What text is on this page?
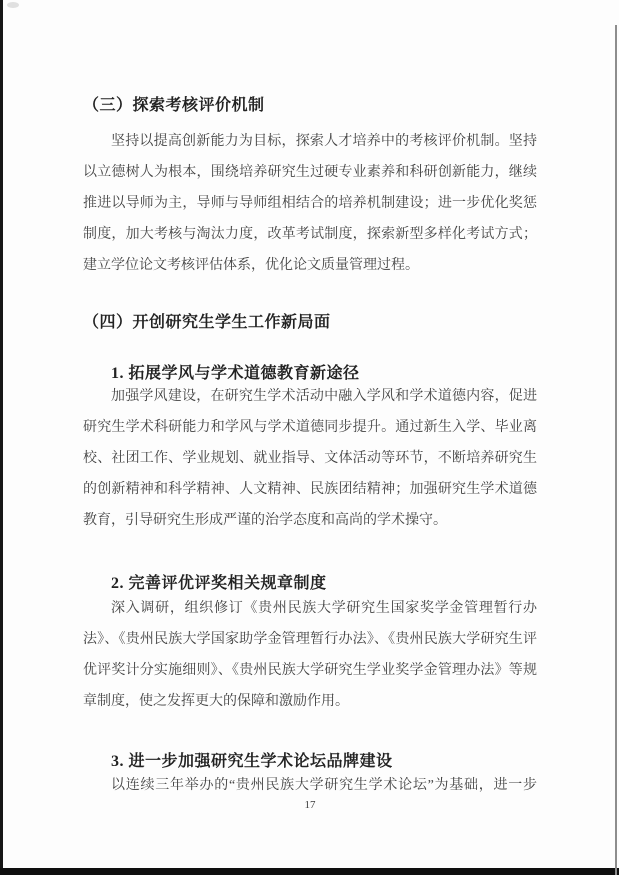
（三）探索考核评价机制
坚持以提高创新能力为目标，探索人才培养中的考核评价机制。坚持以立德树人为根本，围绕培养研究生过硬专业素养和科研创新能力，继续推进以导师为主，导师与导师组相结合的培养机制建设；进一步优化奖惩制度，加大考核与淘汰力度，改革考试制度，探索新型多样化考试方式；建立学位论文考核评估体系，优化论文质量管理过程。
（四）开创研究生学生工作新局面
1. 拓展学风与学术道德教育新途径
加强学风建设，在研究生学术活动中融入学风和学术道德内容，促进研究生学术科研能力和学风与学术道德同步提升。通过新生入学、毕业离校、社团工作、学业规划、就业指导、文体活动等环节，不断培养研究生的创新精神和科学精神、人文精神、民族团结精神；加强研究生学术道德教育，引导研究生形成严谨的治学态度和高尚的学术操守。
2. 完善评优评奖相关规章制度
深入调研，组织修订《贵州民族大学研究生国家奖学金管理暂行办法》、《贵州民族大学国家助学金管理暂行办法》、《贵州民族大学研究生评优评奖计分实施细则》、《贵州民族大学研究生学业奖学金管理办法》等规章制度，使之发挥更大的保障和激励作用。
3. 进一步加强研究生学术论坛品牌建设
以连续三年举办的“贵州民族大学研究生学术论坛”为基础，进一步
17
